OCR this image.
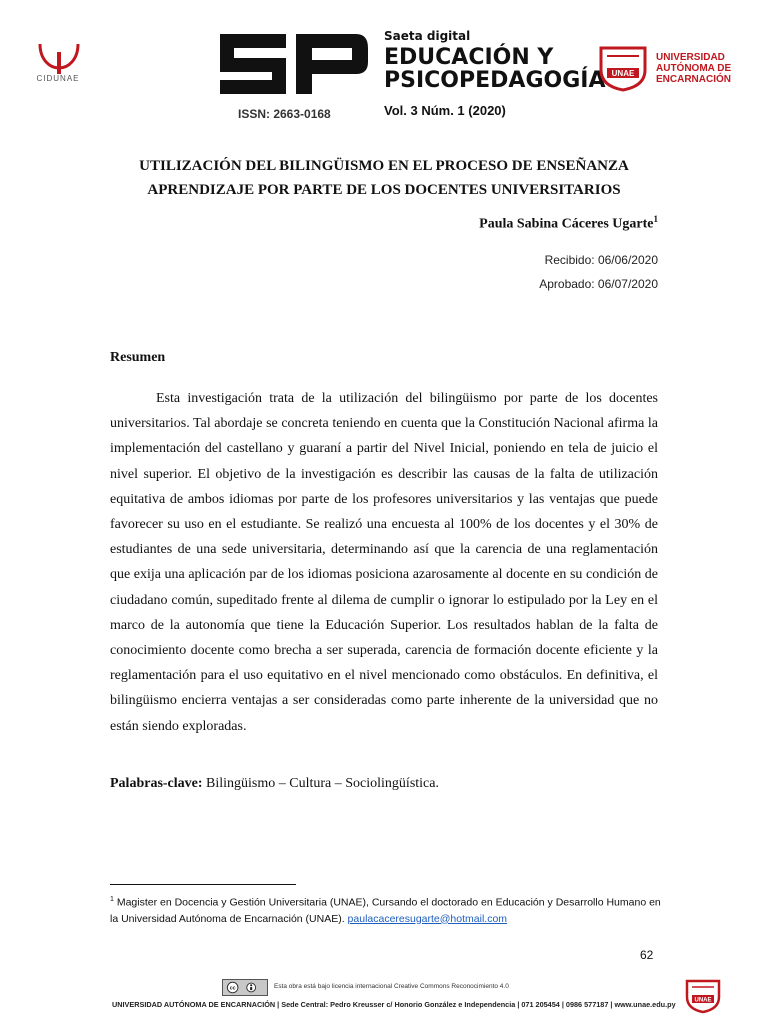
CIDUNAE
ISSN: 2663-0168
Saeta digital
EDUCACIÓN Y
PSICOPEDAGOGÍA
Vol. 3 Núm. 1 (2020)
UNAE
UNIVERSIDAD
AUTÓNOMA DE
ENCARNACIÓN
UTILIZACIÓN DEL BILINGÜISMO EN EL PROCESO DE ENSEÑANZA
APRENDIZAJE POR PARTE DE LOS DOCENTES UNIVERSITARIOS
Paula Sabina Cáceres Ugarte$^1$
Recibido: 06/06/2020
Aprobado: 06/07/2020
Resumen
Esta investigación trata de la utilización del bilingüismo por parte de los docentes universitarios. Tal abordaje se concreta teniendo en cuenta que la Constitución Nacional afirma la implementación del castellano y guaraní a partir del Nivel Inicial, poniendo en tela de juicio el nivel superior. El objetivo de la investigación es describir las causas de la falta de utilización equitativa de ambos idiomas por parte de los profesores universitarios y las ventajas que puede favorecer su uso en el estudiante. Se realizó una encuesta al 100% de los docentes y el 30% de estudiantes de una sede universitaria, determinando así que la carencia de una reglamentación que exija una aplicación par de los idiomas posiciona azarosamente al docente en su condición de ciudadano común, supeditado frente al dilema de cumplir o ignorar lo estipulado por la Ley en el marco de la autonomía que tiene la Educación Superior. Los resultados hablan de la falta de conocimiento docente como brecha a ser superada, carencia de formación docente eficiente y la reglamentación para el uso equitativo en el nivel mencionado como obstáculos. En definitiva, el bilingüismo encierra ventajas a ser consideradas como parte inherente de la universidad que no están siendo exploradas.
Palabras-clave: Bilingüismo – Cultura – Sociolingüística.
$^1$ Magister en Docencia y Gestión Universitaria (UNAE), Cursando el doctorado en Educación y Desarrollo Humano en la Universidad Autónoma de Encarnación (UNAE). paulacaceresugarte@hotmail.com
62
cc	Esta obra está bajo licencia internacional Creative Commons Reconocimiento 4.0
UNIVERSIDAD AUTÓNOMA DE ENCARNACIÓN | Sede Central: Pedro Kreusser c/ Honorio González e Independencia | 071 205454 | 0986 577187 | www.unae.edu.py	UNAE
